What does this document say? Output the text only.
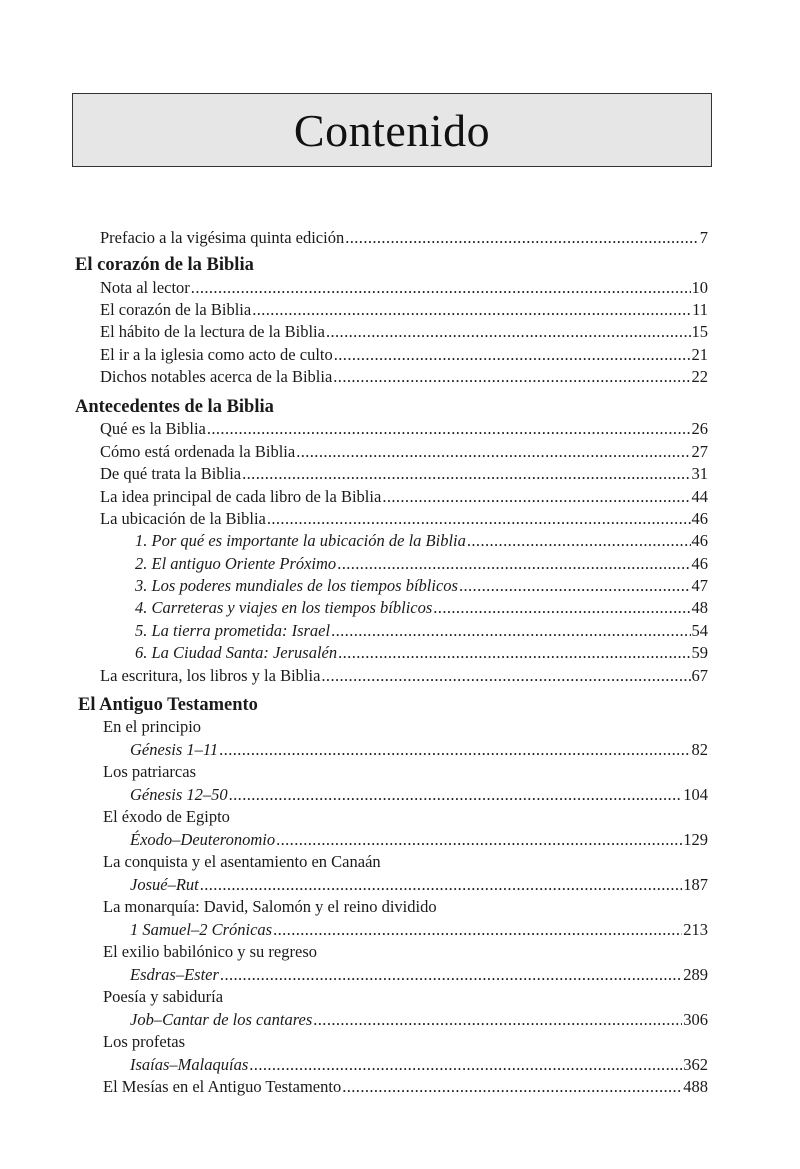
Contenido
Prefacio a la vigésima quinta edición .....	7
El corazón de la Biblia
Nota al lector .....	10
El corazón de la Biblia .....	11
El hábito de la lectura de la Biblia .....	15
El ir a la iglesia como acto de culto .....	21
Dichos notables acerca de la Biblia .....	22
Antecedentes de la Biblia
Qué es la Biblia .....	26
Cómo está ordenada la Biblia .....	27
De qué trata la Biblia .....	31
La idea principal de cada libro de la Biblia .....	44
La ubicación de la Biblia .....	46
1. Por qué es importante la ubicación de la Biblia .....	46
2. El antiguo Oriente Próximo .....	46
3. Los poderes mundiales de los tiempos bíblicos .....	47
4. Carreteras y viajes en los tiempos bíblicos .....	48
5. La tierra prometida: Israel .....	54
6. La Ciudad Santa: Jerusalén .....	59
La escritura, los libros y la Biblia .....	67
El Antiguo Testamento
En el principio
Génesis 1–11 .....	82
Los patriarcas
Génesis 12–50 .....	104
El éxodo de Egipto
Éxodo–Deuteronomio .....	129
La conquista y el asentamiento en Canaán
Josué–Rut .....	187
La monarquía: David, Salomón y el reino dividido
1 Samuel–2 Crónicas .....	213
El exilio babilónico y su regreso
Esdras–Ester .....	289
Poesía y sabiduría
Job–Cantar de los cantares .....	306
Los profetas
Isaías–Malaquías .....	362
El Mesías en el Antiguo Testamento .....	488
